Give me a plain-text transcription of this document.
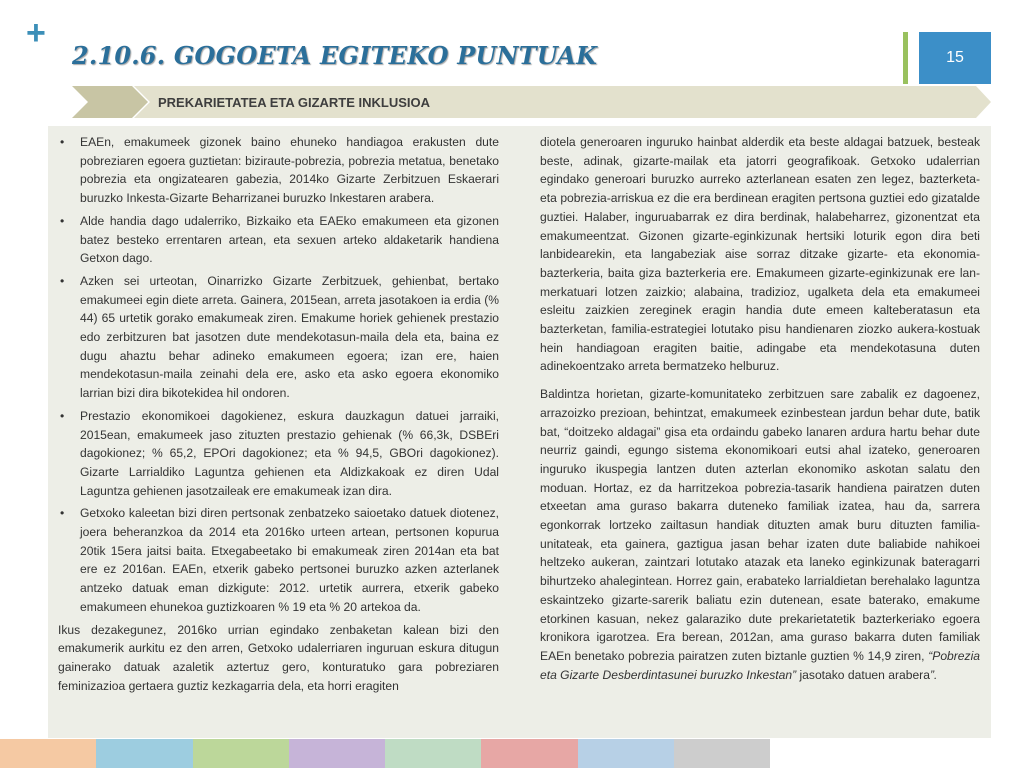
+
2.10.6. GOGOETA EGITEKO PUNTUAK	15
PREKARIETATEA ETA GIZARTE INKLUSIOA
• EAEn, emakumeek gizonek baino ehuneko handiagoa erakusten dute pobreziaren egoera guztietan: biziraute-pobrezia, pobrezia metatua, benetako pobrezia eta ongizatearen gabezia, 2014ko Gizarte Zerbitzuen Eskaerari buruzko Inkesta-Gizarte Beharrizanei buruzko Inkestaren arabera.
• Alde handia dago udalerriko, Bizkaiko eta EAEko emakumeen eta gizonen batez besteko errentaren artean, eta sexuen arteko aldaketarik handiena Getxon dago.
• Azken sei urteotan, Oinarrizko Gizarte Zerbitzuek, gehienbat, bertako emakumeei egin diete arreta. Gainera, 2015ean, arreta jasotakoen ia erdia (% 44) 65 urtetik gorako emakumeak ziren. Emakume horiek gehienek prestazio edo zerbitzuren bat jasotzen dute mendekotasun-maila dela eta, baina ez dugu ahaztu behar adineko emakumeen egoera; izan ere, haien mendekotasun-maila zeinahi dela ere, asko eta asko egoera ekonomiko larrian bizi dira bikotekidea hil ondoren.
• Prestazio ekonomikoei dagokienez, eskura dauzkagun datuei jarraiki, 2015ean, emakumeek jaso zituzten prestazio gehienak (% 66,3k, DSBEri dagokionez; % 65,2, EPOri dagokionez; eta % 94,5, GBOri dagokionez). Gizarte Larrialdiko Laguntza gehienen eta Aldizkakoak ez diren Udal Laguntza gehienen jasotzaileak ere emakumeak izan dira.
• Getxoko kaleetan bizi diren pertsonak zenbatzeko saioetako datuek diotenez, joera beheranzkoa da 2014 eta 2016ko urteen artean, pertsonen kopurua 20tik 15era jaitsi baita. Etxegabeetako bi emakumeak ziren 2014an eta bat ere ez 2016an. EAEn, etxerik gabeko pertsonei buruzko azken azterlanek antzeko datuak eman dizkigute: 2012. urtetik aurrera, etxerik gabeko emakumeen ehunekoa guztizkoaren % 19 eta % 20 artekoa da.

Ikus dezakegunez, 2016ko urrian egindako zenbaketan kalean bizi den emakumerik aurkitu ez den arren, Getxoko udalerriaren inguruan eskura ditugun gainerako datuak azaletik aztertuz gero, konturatuko gara pobreziaren feminizazioa gertaera guztiz kezkagarria dela, eta horri eragiten

diotela generoaren inguruko hainbat alderdik eta beste aldagai batzuek, besteak beste, adinak, gizarte-mailak eta jatorri geografikoak. Getxoko udalerrian egindako generoari buruzko aurreko azterlanean esaten zen legez, bazterketa- eta pobrezia-arriskua ez die era berdinean eragiten pertsona guztiei edo gizatalde guztiei. Halaber, inguruabarrak ez dira berdinak, halabeharrez, gizonentzat eta emakumeentzat. Gizonen gizarte-eginkizunak hertsiki loturik egon dira beti lanbidearekin, eta langabeziak aise sorraz ditzake gizarte- eta ekonomia-bazterkeria, baita giza bazterkeria ere. Emakumeen gizarte-eginkizunak ere lan-merkatuari lotzen zaizkio; alabaina, tradizioz, ugalketa dela eta emakumeei esleitu zaizkien zereginek eragin handia dute emeen kalteberatasun eta bazterketan, familia-estrategiei lotutako pisu handienaren ziozko aukera-kostuak hein handiagoan eragiten baitie, adingabe eta mendekotasuna duten adinekoentzako arreta bermatzeko helburuz.

Baldintza horietan, gizarte-komunitateko zerbitzuen sare zabalik ez dagoenez, arrazoizko prezioan, behintzat, emakumeek ezinbestean jardun behar dute, batik bat, “doitzeko aldagai” gisa eta ordaindu gabeko lanaren ardura hartu behar dute neurriz gaindi, egungo sistema ekonomikoari eutsi ahal izateko, generoaren inguruko ikuspegia lantzen duten azterlan ekonomiko askotan salatu den moduan. Hortaz, ez da harritzekoa pobrezia-tasarik handiena pairatzen duten etxeetan ama guraso bakarra duteneko familiak izatea, hau da, sarrera egonkorrak lortzeko zailtasun handiak dituzten amak buru dituzten familia-unitateak, eta gainera, gaztigua jasan behar izaten dute baliabide nahikoei heltzeko aukeran, zaintzari lotutako atazak eta laneko eginkizunak bateragarri bihurtzeko ahalegintean. Horrez gain, erabateko larrialdietan berehalako laguntza eskaintzeko gizarte-sarerik baliatu ezin dutenean, esate baterako, emakume etorkinen kasuan, nekez galaraziko dute prekarietatetik bazterkeriako egoera kronikora igarotzea. Era berean, 2012an, ama guraso bakarra duten familiak EAEn benetako pobrezia pairatzen zuten biztanle guztien % 14,9 ziren, “Pobrezia eta Gizarte Desberdintasunei buruzko Inkestan” jasotako datuen arabera”.
